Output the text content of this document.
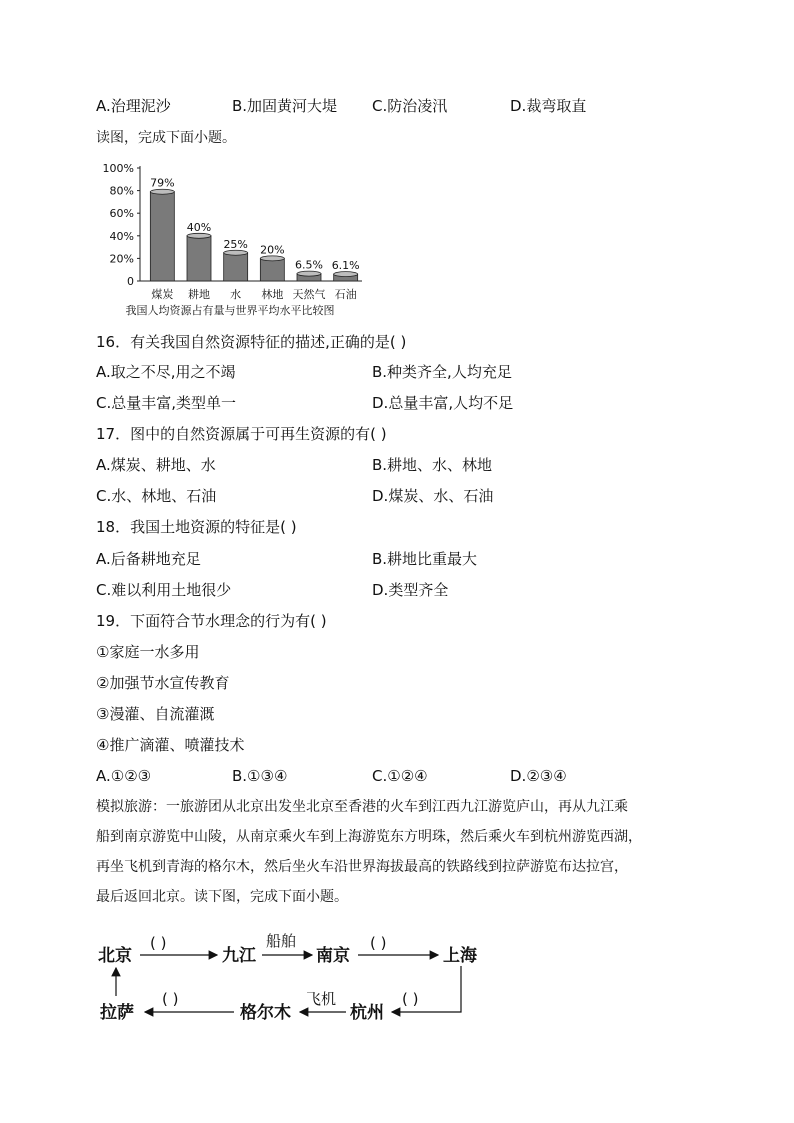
A.治理泥沙	B.加固黄河大堤 C.防治凌汛	D.裁弯取直
读图，完成下面小题。
0
20%
40%
60%
80%
100%
煤炭 耕地 水 林地 天然气 石油
79%
40%
25% 20%
6.5% 6.1%
我国人均资源占有量与世界平均水平比较图
16．有关我国自然资源特征的描述,正确的是( )
A.取之不尽,用之不竭	B.种类齐全,人均充足
C.总量丰富,类型单一	D.总量丰富,人均不足
17．图中的自然资源属于可再生资源的有( )
A.煤炭、耕地、水	B.耕地、水、林地
C.水、林地、石油	D.煤炭、水、石油
18．我国土地资源的特征是( )
A.后备耕地充足	B.耕地比重最大
C.难以利用土地很少	D.类型齐全
19．下面符合节水理念的行为有( )
①家庭一水多用
②加强节水宣传教育
③漫灌、自流灌溉
④推广滴灌、喷灌技术
A.①②③	B.①③④	C.①②④	D.②③④
模拟旅游：一旅游团从北京出发坐北京至香港的火车到江西九江游览庐山，再从九江乘
船到南京游览中山陵，从南京乘火车到上海游览东方明珠，然后乘火车到杭州游览西湖，
再坐飞机到青海的格尔木，然后坐火车沿世界海拔最高的铁路线到拉萨游览布达拉宫，
最后返回北京。读下图，完成下面小题。
北京	九江	南京	上海
杭州
格尔木
拉萨
( )	船舶	( )
( )
飞机
( )
